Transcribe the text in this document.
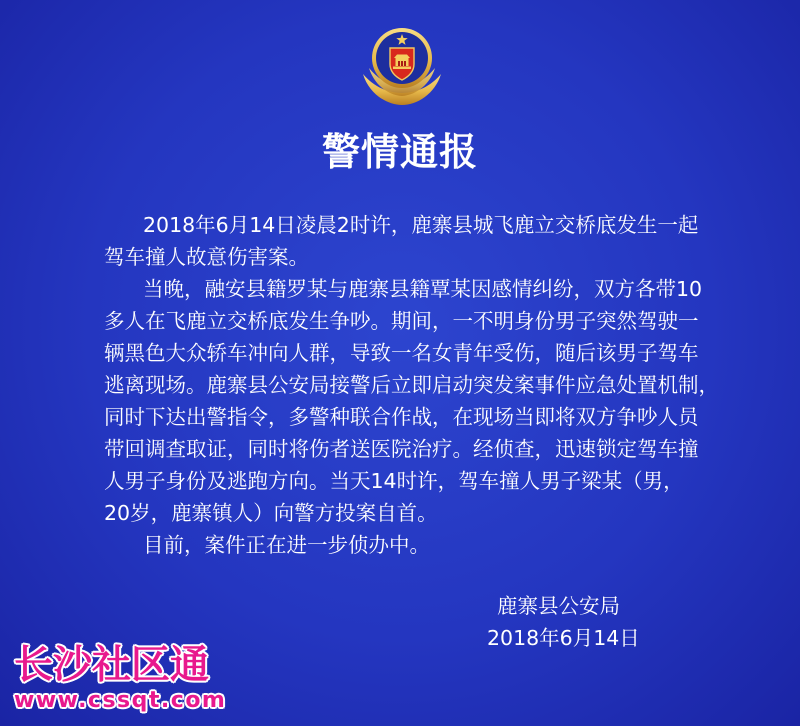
警情通报

2018年6月14日凌晨2时许，鹿寨县城飞鹿立交桥底发生一起
驾车撞人故意伤害案。

当晚，融安县籍罗某与鹿寨县籍覃某因感情纠纷，双方各带10
多人在飞鹿立交桥底发生争吵。期间，一不明身份男子突然驾驶一
辆黑色大众轿车冲向人群，导致一名女青年受伤，随后该男子驾车
逃离现场。鹿寨县公安局接警后立即启动突发案事件应急处置机制，
同时下达出警指令，多警种联合作战，在现场当即将双方争吵人员
带回调查取证，同时将伤者送医院治疗。经侦查，迅速锁定驾车撞
人男子身份及逃跑方向。当天14时许，驾车撞人男子梁某（男，
20岁，鹿寨镇人）向警方投案自首。

目前，案件正在进一步侦办中。

鹿寨县公安局
2018年6月14日
长沙社区通
www.cssqt.com
